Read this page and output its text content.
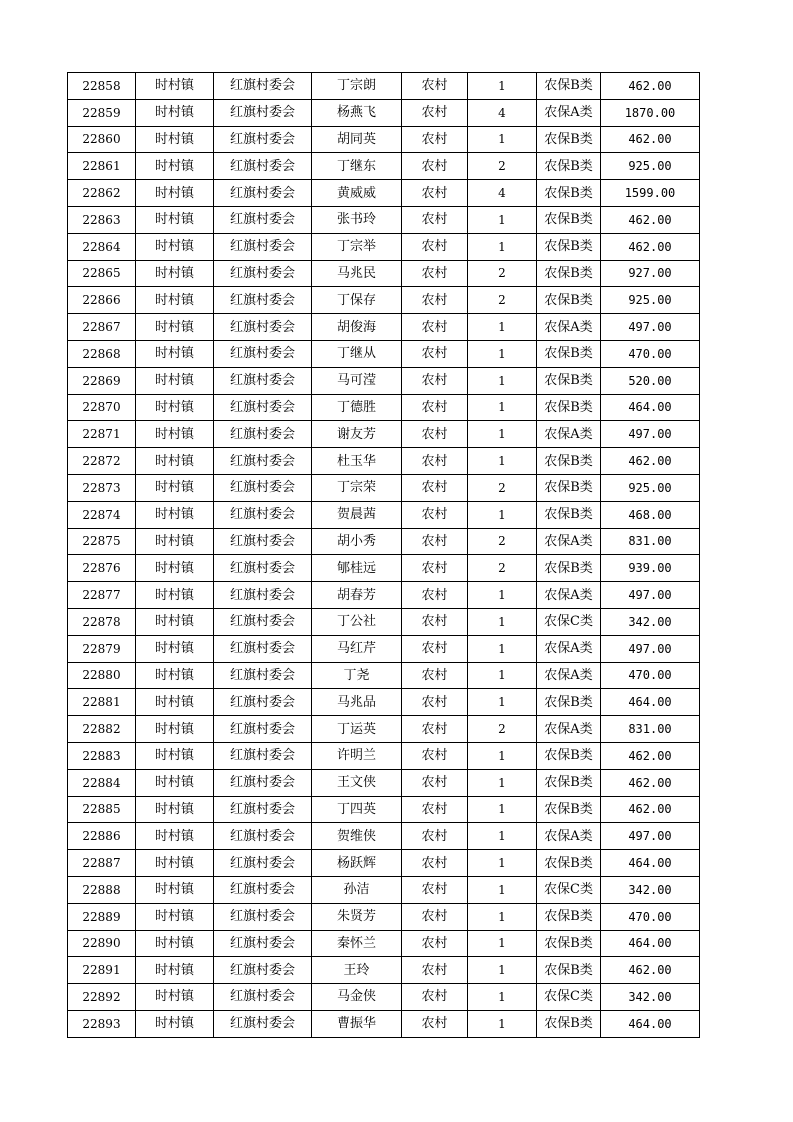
22858	时村镇	红旗村委会	丁宗朗	农村	1	农保B类	462.00
22859	时村镇	红旗村委会	杨燕飞	农村	4	农保A类	1870.00
22860	时村镇	红旗村委会	胡同英	农村	1	农保B类	462.00
22861	时村镇	红旗村委会	丁继东	农村	2	农保B类	925.00
22862	时村镇	红旗村委会	黄威威	农村	4	农保B类	1599.00
22863	时村镇	红旗村委会	张书玲	农村	1	农保B类	462.00
22864	时村镇	红旗村委会	丁宗举	农村	1	农保B类	462.00
22865	时村镇	红旗村委会	马兆民	农村	2	农保B类	927.00
22866	时村镇	红旗村委会	丁保存	农村	2	农保B类	925.00
22867	时村镇	红旗村委会	胡俊海	农村	1	农保A类	497.00
22868	时村镇	红旗村委会	丁继从	农村	1	农保B类	470.00
22869	时村镇	红旗村委会	马可滢	农村	1	农保B类	520.00
22870	时村镇	红旗村委会	丁德胜	农村	1	农保B类	464.00
22871	时村镇	红旗村委会	谢友芳	农村	1	农保A类	497.00
22872	时村镇	红旗村委会	杜玉华	农村	1	农保B类	462.00
22873	时村镇	红旗村委会	丁宗荣	农村	2	农保B类	925.00
22874	时村镇	红旗村委会	贺晨茜	农村	1	农保B类	468.00
22875	时村镇	红旗村委会	胡小秀	农村	2	农保A类	831.00
22876	时村镇	红旗村委会	郇桂远	农村	2	农保B类	939.00
22877	时村镇	红旗村委会	胡春芳	农村	1	农保A类	497.00
22878	时村镇	红旗村委会	丁公社	农村	1	农保C类	342.00
22879	时村镇	红旗村委会	马红芹	农村	1	农保A类	497.00
22880	时村镇	红旗村委会	丁尧	农村	1	农保A类	470.00
22881	时村镇	红旗村委会	马兆品	农村	1	农保B类	464.00
22882	时村镇	红旗村委会	丁运英	农村	2	农保A类	831.00
22883	时村镇	红旗村委会	许明兰	农村	1	农保B类	462.00
22884	时村镇	红旗村委会	王文侠	农村	1	农保B类	462.00
22885	时村镇	红旗村委会	丁四英	农村	1	农保B类	462.00
22886	时村镇	红旗村委会	贺维侠	农村	1	农保A类	497.00
22887	时村镇	红旗村委会	杨跃辉	农村	1	农保B类	464.00
22888	时村镇	红旗村委会	孙洁	农村	1	农保C类	342.00
22889	时村镇	红旗村委会	朱贤芳	农村	1	农保B类	470.00
22890	时村镇	红旗村委会	秦怀兰	农村	1	农保B类	464.00
22891	时村镇	红旗村委会	王玲	农村	1	农保B类	462.00
22892	时村镇	红旗村委会	马金侠	农村	1	农保C类	342.00
22893	时村镇	红旗村委会	曹振华	农村	1	农保B类	464.00
